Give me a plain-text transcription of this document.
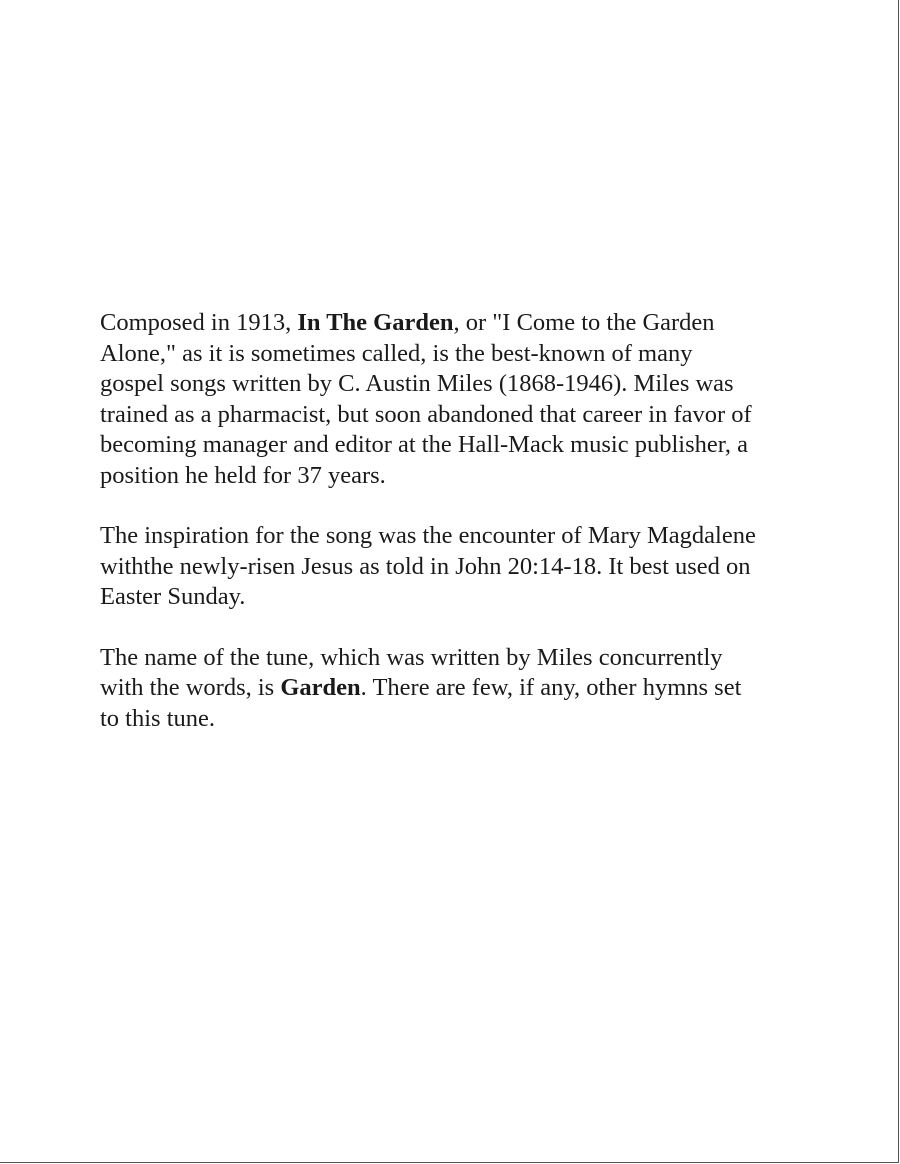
Composed in 1913, In The Garden, or "I Come to the Garden
Alone," as it is sometimes called, is the best-known of many
gospel songs written by C. Austin Miles (1868-1946). Miles was
trained as a pharmacist, but soon abandoned that career in favor of
becoming manager and editor at the Hall-Mack music publisher, a
position he held for 37 years.

The inspiration for the song was the encounter of Mary Magdalene
withthe newly-risen Jesus as told in John 20:14-18. It best used on
Easter Sunday.

The name of the tune, which was written by Miles concurrently
with the words, is Garden. There are few, if any, other hymns set
to this tune.
